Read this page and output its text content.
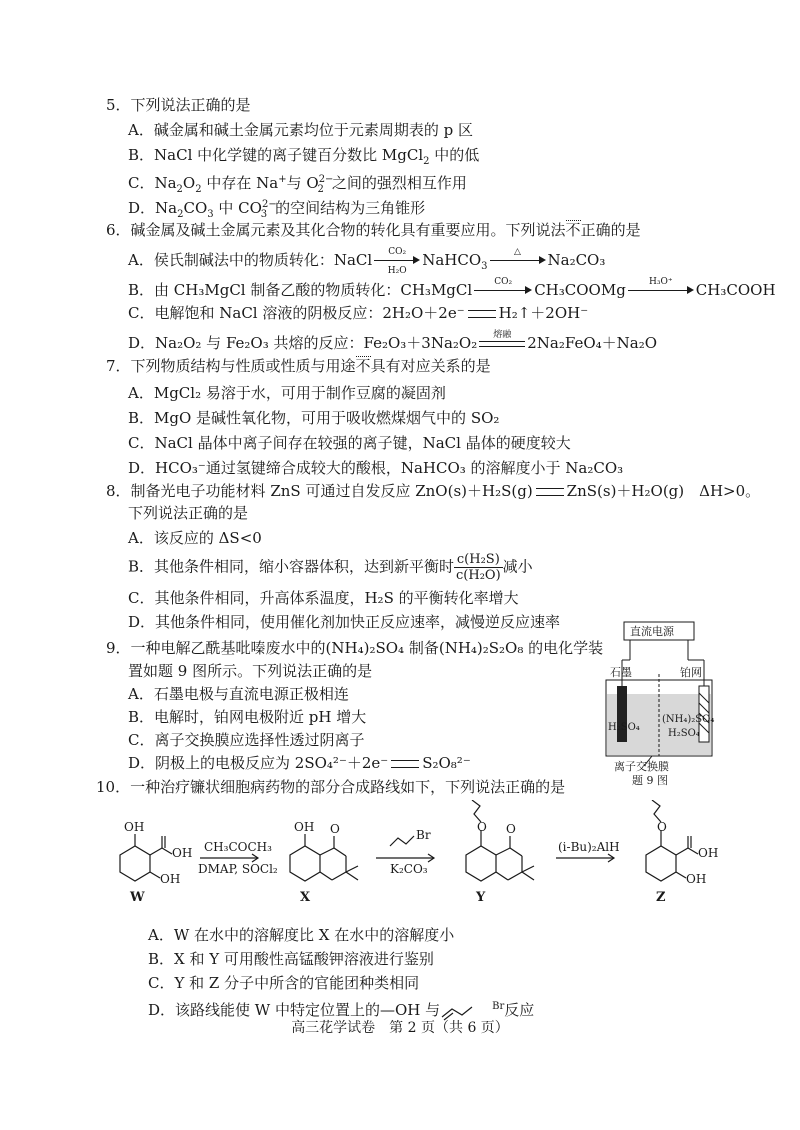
5．下列说法正确的是
A．碱金属和碱土金属元素均位于元素周期表的 p 区
B．NaCl 中化学键的离子键百分数比 MgCl$_2$ 中的低
C．$Na_2O_2$ 中存在 Na+与 $O^{2-}_2$ 之间的强烈相互作用
D．$Na_2CO_3$ 中 $CO^{2-}_3$ 的空间结构为三角锥形
6．碱金属及碱土金属元素及其化合物的转化具有重要应用。下列说法不正确的是
A．侯氏制碱法中的物质转化：NaCl $\frac{\text{CO₂}}{\text{H₂O}}$ NaHCO$_3$
△	Na₂CO₃
B．由 CH₃MgCl 制备乙酸的物质转化：CH₃MgCl	CO₂	CH₃COOMg	H₃O⁺	CH₃COOH
C．电解饱和 NaCl 溶液的阴极反应：2H₂O＋2e⁻ H₂↑＋2OH⁻
D．Na₂O₂ 与 Fe₂O₃ 共熔的反应：Fe₂O₃＋3Na₂O₂	熔融	2Na₂FeO₄＋Na₂O
7．下列物质结构与性质或性质与用途不具有对应关系的是
A．MgCl₂ 易溶于水，可用于制作豆腐的凝固剂
B．MgO 是碱性氧化物，可用于吸收燃煤烟气中的 SO₂
C．NaCl 晶体中离子间存在较强的离子键，NaCl 晶体的硬度较大
D．HCO₃⁻通过氢键缔合成较大的酸根，NaHCO₃ 的溶解度小于 Na₂CO₃
8．制备光电子功能材料 ZnS 可通过自发反应 ZnO(s)＋H₂S(g) ZnS(s)＋H₂O(g)　ΔH>0。
下列说法正确的是
A．该反应的 ΔS<0
B．其他条件相同，缩小容器体积，达到新平衡时 $\frac{\text{c(H₂S)}}{\text{c(H₂O)}}$ 减小
C．其他条件相同，升高体系温度，H₂S 的平衡转化率增大
D．其他条件相同，使用催化剂加快正反应速率，减慢逆反应速率
9．一种电解乙酰基吡嗪废水中的(NH₄)₂SO₄ 制备(NH₄)₂S₂O₈ 的电化学装
置如题 9 图所示。下列说法正确的是
A．石墨电极与直流电源正极相连
B．电解时，铂网电极附近 pH 增大
C．离子交换膜应选择性透过阴离子
D．阴极上的电极反应为 2SO₄²⁻＋2e⁻ S₂O₈²⁻
直流电源
石墨	铂网
H₂SO₄
(NH₄)₂SO₄
H₂SO₄
离子交换膜
题 9 图
10．一种治疗镰状细胞病药物的部分合成路线如下，下列说法正确的是
OH
OH
OH
W
CH₃COCH₃
DMAP, SOCl₂
OH O
X
Br
K₂CO₃
O O
Y
(i-Bu)₂AlH
O
OH
OH
Z
A．W 在水中的溶解度比 X 在水中的溶解度小
B．X 和 Y 可用酸性高锰酸钾溶液进行鉴别
C．Y 和 Z 分子中所含的官能团种类相同
D．该路线能使 W 中特定位置上的—OH 与	$^{Br}$反应
高三花学试卷　第 2 页（共 6 页）
